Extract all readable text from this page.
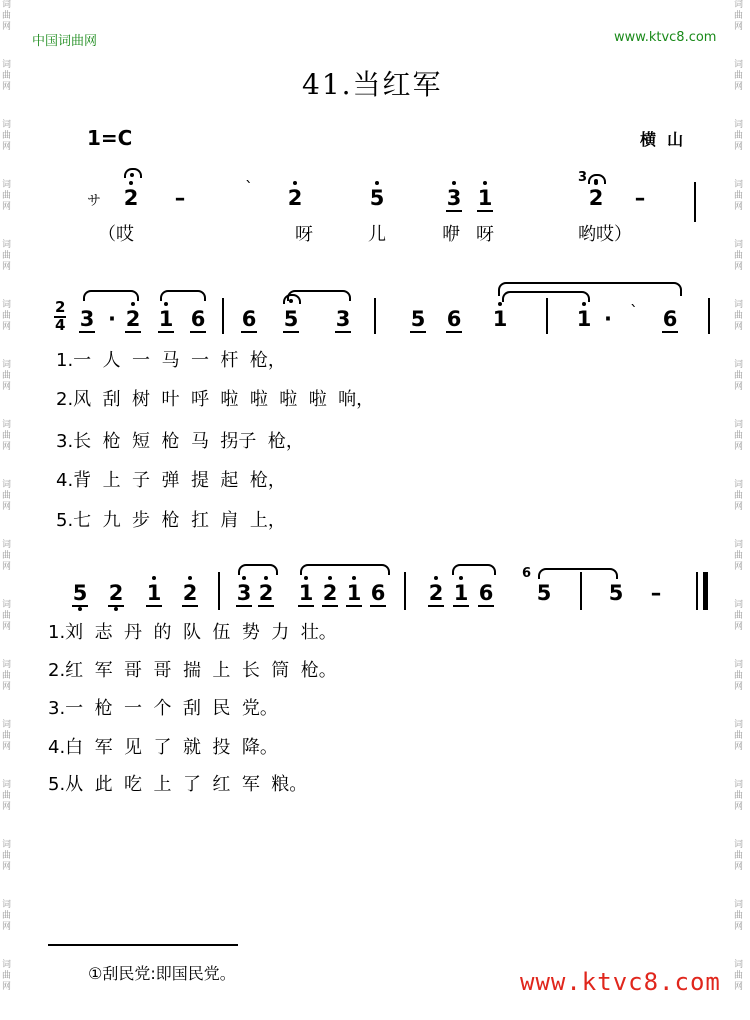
词
曲
网
词
曲
网
词
曲
网
词
曲
网
词
曲
网
词
曲
网
词
曲
网
词
曲
网
词
曲
网
词
曲
网
词
曲
网
词
曲
网
词
曲
网
词
曲
网
词
曲
网
词
曲
网
词
曲
网
词
曲
网
词
曲
网
词
曲
网
词
曲
网
词
曲
网
词
曲
网
词
曲
网
词
曲
网
词
曲
网
词
曲
网
词
曲
网
词
曲
网
词
曲
网
词
曲
网
词
曲
网
词
曲
网
词
曲
网
中国词曲网	www.ktvc8.com
41.当红军
1=C	横  山
サ 2 –	ˋ 2	5	3 1
3
2 –
（哎	呀	儿	咿 呀	哟哎）
2
4 3 · 2 1 6 6 5 3	5 6 1	1 · ˋ 6
1.一  人  一  马  一  杆  枪，
2.风  刮  树  叶  呼  啦  啦  啦  啦  响，
3.长  枪  短  枪  马  拐子  枪，
4.背  上  子  弹  提  起  枪，
5.七  九  步  枪  扛  肩  上，
5 2 1 2 3 2 1 2 1 6 2 1 6
6
5	5 –
1.刘  志  丹  的  队  伍  势  力  壮。
2.红  军  哥  哥  揣  上  长  筒  枪。
3.一  枪  一  个  刮  民  党。
4.白  军  见  了  就  投  降。
5.从  此  吃  上  了  红  军  粮。
①刮民党:即国民党。	www.ktvc8.com
